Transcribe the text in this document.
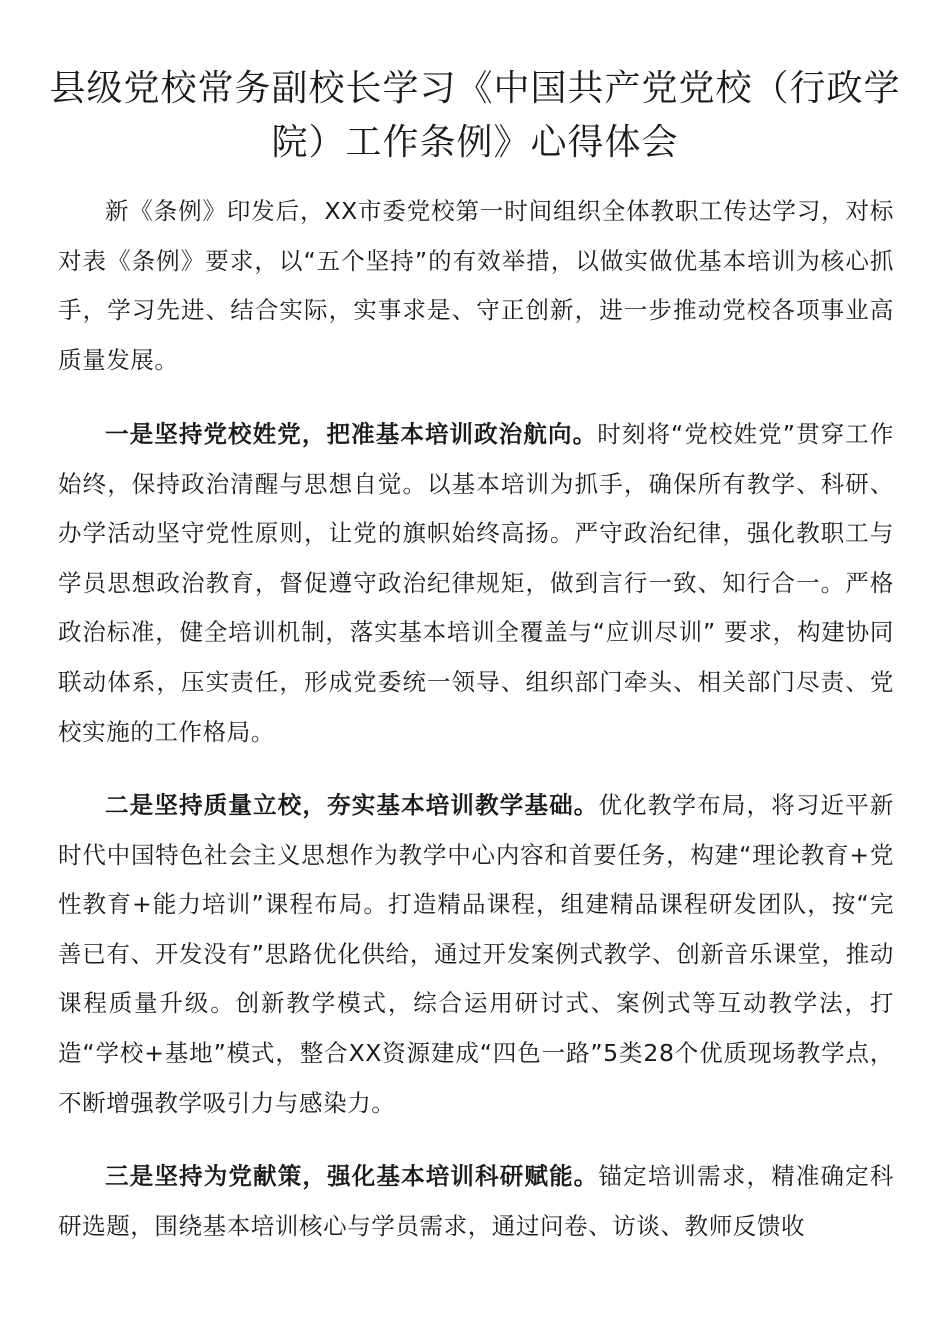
县级党校常务副校长学习《中国共产党党校（行政学院）工作条例》心得体会

新《条例》印发后，XX市委党校第一时间组织全体教职工传达学习，对标对表《条例》要求，以“五个坚持”的有效举措，以做实做优基本培训为核心抓手，学习先进、结合实际，实事求是、守正创新，进一步推动党校各项事业高质量发展。

一是坚持党校姓党，把准基本培训政治航向。时刻将“党校姓党”贯穿工作始终，保持政治清醒与思想自觉。以基本培训为抓手，确保所有教学、科研、办学活动坚守党性原则，让党的旗帜始终高扬。严守政治纪律，强化教职工与学员思想政治教育，督促遵守政治纪律规矩，做到言行一致、知行合一。严格政治标准，健全培训机制，落实基本培训全覆盖与“应训尽训” 要求，构建协同联动体系，压实责任，形成党委统一领导、组织部门牵头、相关部门尽责、党校实施的工作格局。

二是坚持质量立校，夯实基本培训教学基础。优化教学布局，将习近平新时代中国特色社会主义思想作为教学中心内容和首要任务，构建“理论教育+党性教育+能力培训”课程布局。打造精品课程，组建精品课程研发团队，按“完善已有、开发没有”思路优化供给，通过开发案例式教学、创新音乐课堂，推动课程质量升级。创新教学模式，综合运用研讨式、案例式等互动教学法，打造“学校+基地”模式，整合XX资源建成“四色一路”5类28个优质现场教学点，不断增强教学吸引力与感染力。

三是坚持为党献策，强化基本培训科研赋能。锚定培训需求，精准确定科研选题，围绕基本培训核心与学员需求，通过问卷、访谈、教师反馈收
